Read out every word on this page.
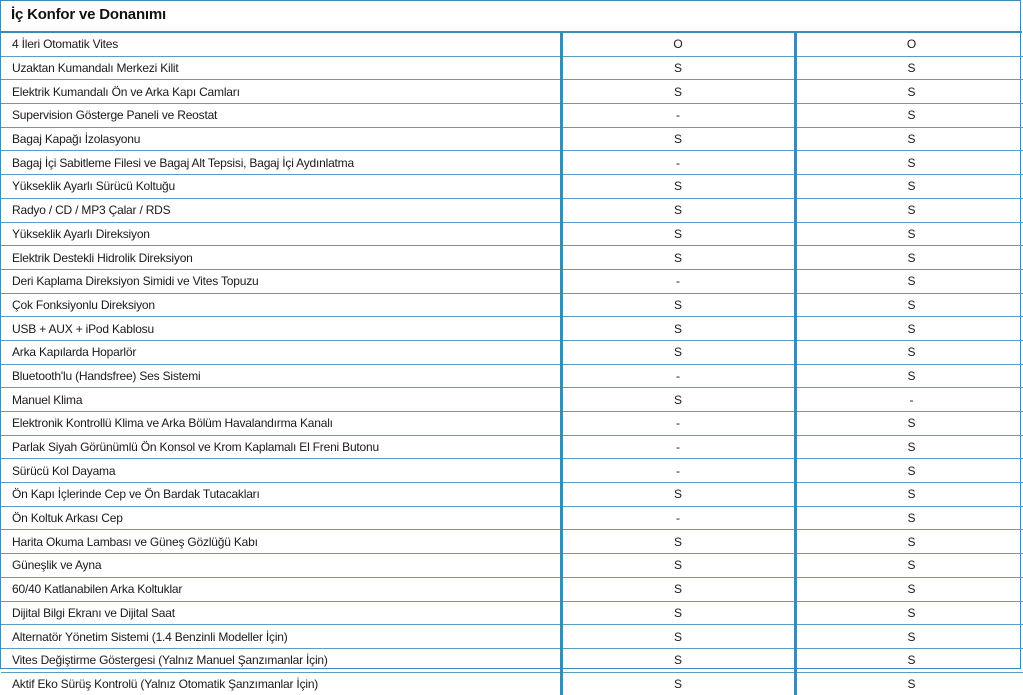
İç Konfor ve Donanımı
4 İleri Otomatik Vites	O	O
Uzaktan Kumandalı Merkezi Kilit	S	S
Elektrik Kumandalı Ön ve Arka Kapı Camları	S	S
Supervision Gösterge Paneli ve Reostat	-	S
Bagaj Kapağı İzolasyonu	S	S
Bagaj İçi Sabitleme Filesi ve Bagaj Alt Tepsisi, Bagaj İçi Aydınlatma	-	S
Yükseklik Ayarlı Sürücü Koltuğu	S	S
Radyo / CD / MP3 Çalar / RDS	S	S
Yükseklik Ayarlı Direksiyon	S	S
Elektrik Destekli Hidrolik Direksiyon	S	S
Deri Kaplama Direksiyon Simidi ve Vites Topuzu	-	S
Çok Fonksiyonlu Direksiyon	S	S
USB + AUX + iPod Kablosu	S	S
Arka Kapılarda Hoparlör	S	S
Bluetooth'lu (Handsfree) Ses Sistemi	-	S
Manuel Klima	S	-
Elektronik Kontrollü Klima ve Arka Bölüm Havalandırma Kanalı	-	S
Parlak Siyah Görünümlü Ön Konsol ve Krom Kaplamalı El Freni Butonu	-	S
Sürücü Kol Dayama	-	S
Ön Kapı İçlerinde Cep ve Ön Bardak Tutacakları	S	S
Ön Koltuk Arkası Cep	-	S
Harita Okuma Lambası ve Güneş Gözlüğü Kabı	S	S
Güneşlik ve Ayna	S	S
60/40 Katlanabilen Arka Koltuklar	S	S
Dijital Bilgi Ekranı ve Dijital Saat	S	S
Alternatör Yönetim Sistemi (1.4 Benzinli Modeller İçin)	S	S
Vites Değiştirme Göstergesi (Yalnız Manuel Şanzımanlar İçin)	S	S
Aktif Eko Sürüş Kontrolü (Yalnız Otomatik Şanzımanlar İçin)	S	S
